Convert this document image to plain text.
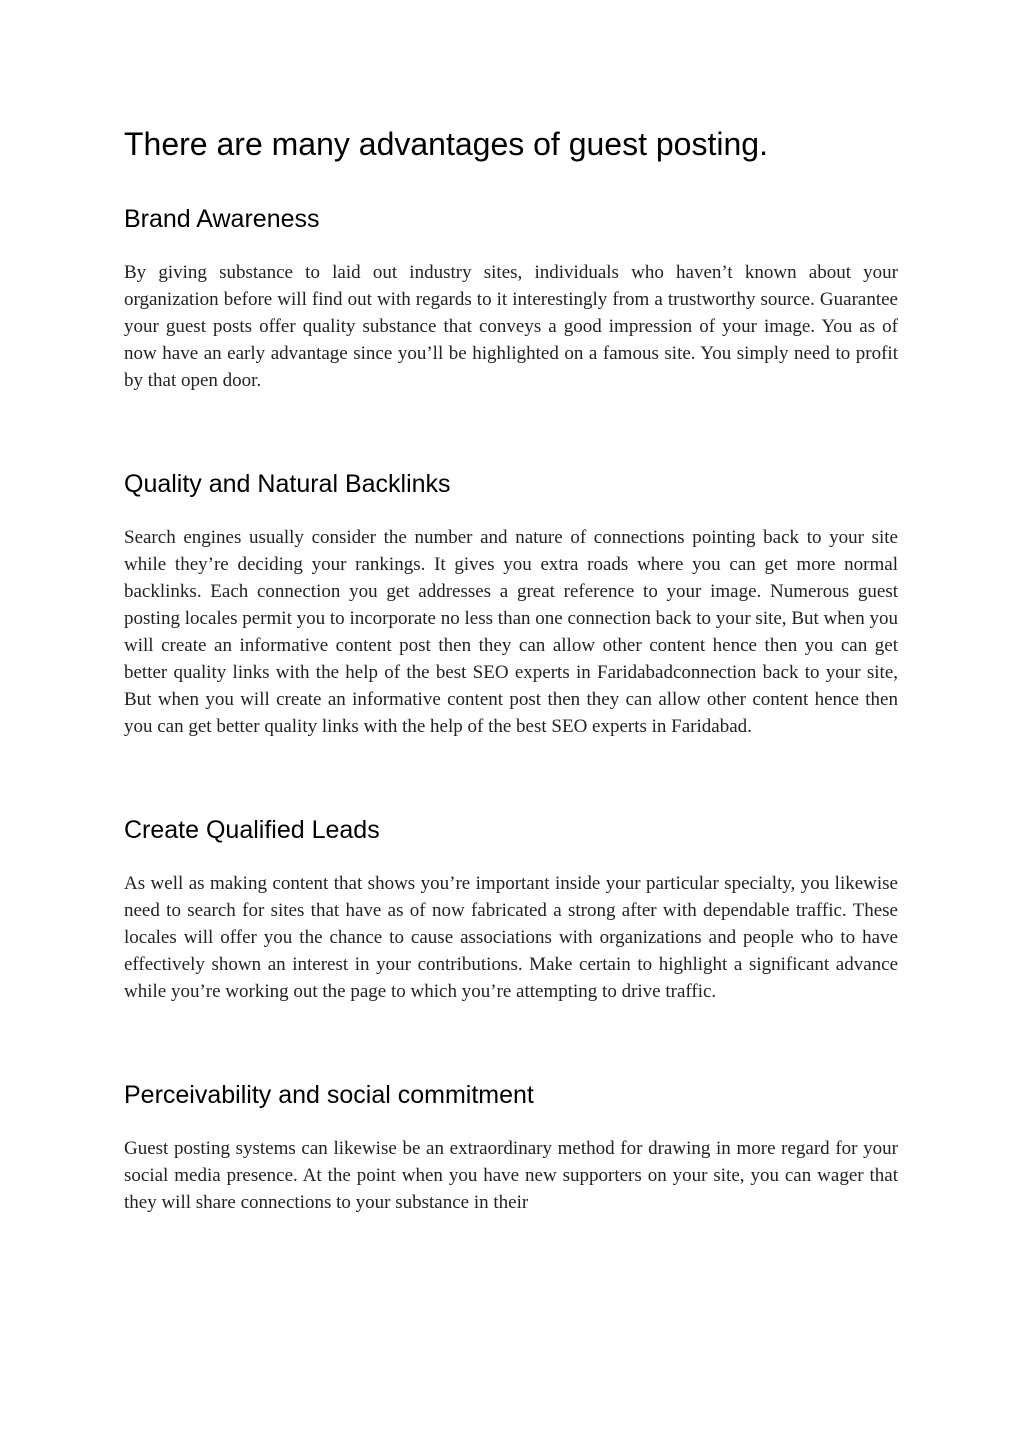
There are many advantages of guest posting.
Brand Awareness

By giving substance to laid out industry sites, individuals who haven’t known about your organization before will find out with regards to it interestingly from a trustworthy source. Guarantee your guest posts offer quality substance that conveys a good impression of your image. You as of now have an early advantage since you’ll be highlighted on a famous site. You simply need to profit by that open door.

Quality and Natural Backlinks

Search engines usually consider the number and nature of connections pointing back to your site while they’re deciding your rankings. It gives you extra roads where you can get more normal backlinks. Each connection you get addresses a great reference to your image. Numerous guest posting locales permit you to incorporate no less than one connection back to your site, But when you will create an informative content post then they can allow other content hence then you can get better quality links with the help of the best SEO experts in Faridabadconnection back to your site, But when you will create an informative content post then they can allow other content hence then you can get better quality links with the help of the best SEO experts in Faridabad.

Create Qualified Leads

As well as making content that shows you’re important inside your particular specialty, you likewise need to search for sites that have as of now fabricated a strong after with dependable traffic. These locales will offer you the chance to cause associations with organizations and people who to have effectively shown an interest in your contributions. Make certain to highlight a significant advance while you’re working out the page to which you’re attempting to drive traffic.

Perceivability and social commitment

Guest posting systems can likewise be an extraordinary method for drawing in more regard for your social media presence. At the point when you have new supporters on your site, you can wager that they will share connections to your substance in their
